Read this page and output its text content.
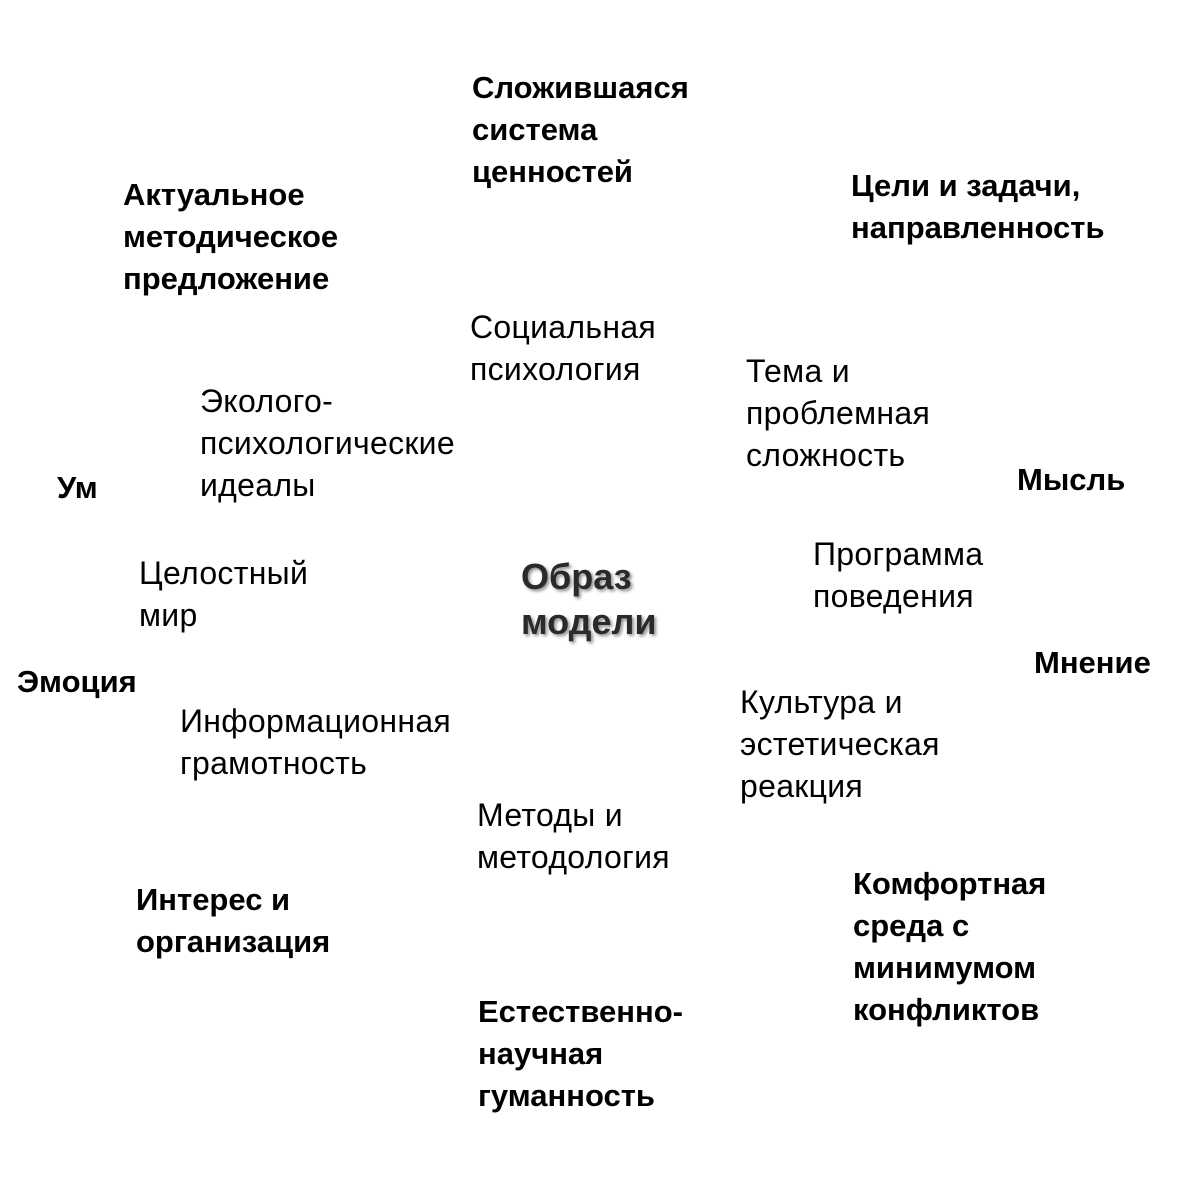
Образ
модели
Сложившаяся
система
ценностей	Цели и задачи,
направленность
Актуальное
методическое
предложение
Ум	Мысль
Эмоция
Мнение
Интерес и
организация
Комфортная
среда с
минимумом
конфликтов
Естественно-
научная
гуманность
Социальная
психология	Тема и
проблемная
сложность
Эколого-
психологические
идеалы
Программа
поведения
Целостный
мир
Информационная
грамотность
Культура и
эстетическая
реакция
Методы и
методология
